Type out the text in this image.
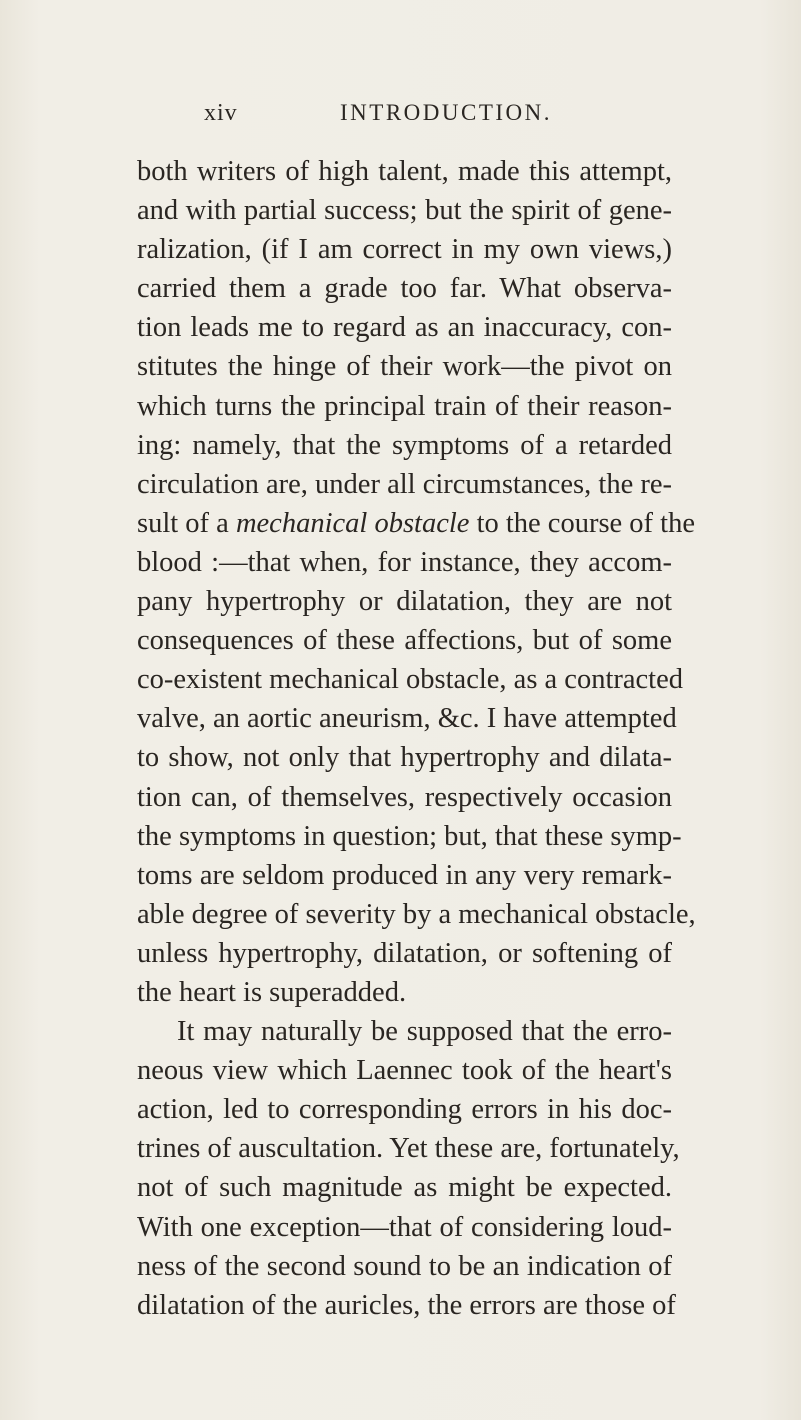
xiv	INTRODUCTION.
both writers of high talent, made this attempt,
and with partial success; but the spirit of gene-
ralization, (if I am correct in my own views,)
carried them a grade too far. What observa-
tion leads me to regard as an inaccuracy, con-
stitutes the hinge of their work—the pivot on
which turns the principal train of their reason-
ing: namely, that the symptoms of a retarded
circulation are, under all circumstances, the re-
sult of a mechanical obstacle to the course of the
blood :—that when, for instance, they accom-
pany hypertrophy or dilatation, they are not
consequences of these affections, but of some
co-existent mechanical obstacle, as a contracted
valve, an aortic aneurism, &c. I have attempted
to show, not only that hypertrophy and dilata-
tion can, of themselves, respectively occasion
the symptoms in question; but, that these symp-
toms are seldom produced in any very remark-
able degree of severity by a mechanical obstacle,
unless hypertrophy, dilatation, or softening of
the heart is superadded.
It may naturally be supposed that the erro-
neous view which Laennec took of the heart's
action, led to corresponding errors in his doc-
trines of auscultation. Yet these are, fortunately,
not of such magnitude as might be expected.
With one exception—that of considering loud-
ness of the second sound to be an indication of
dilatation of the auricles, the errors are those of
